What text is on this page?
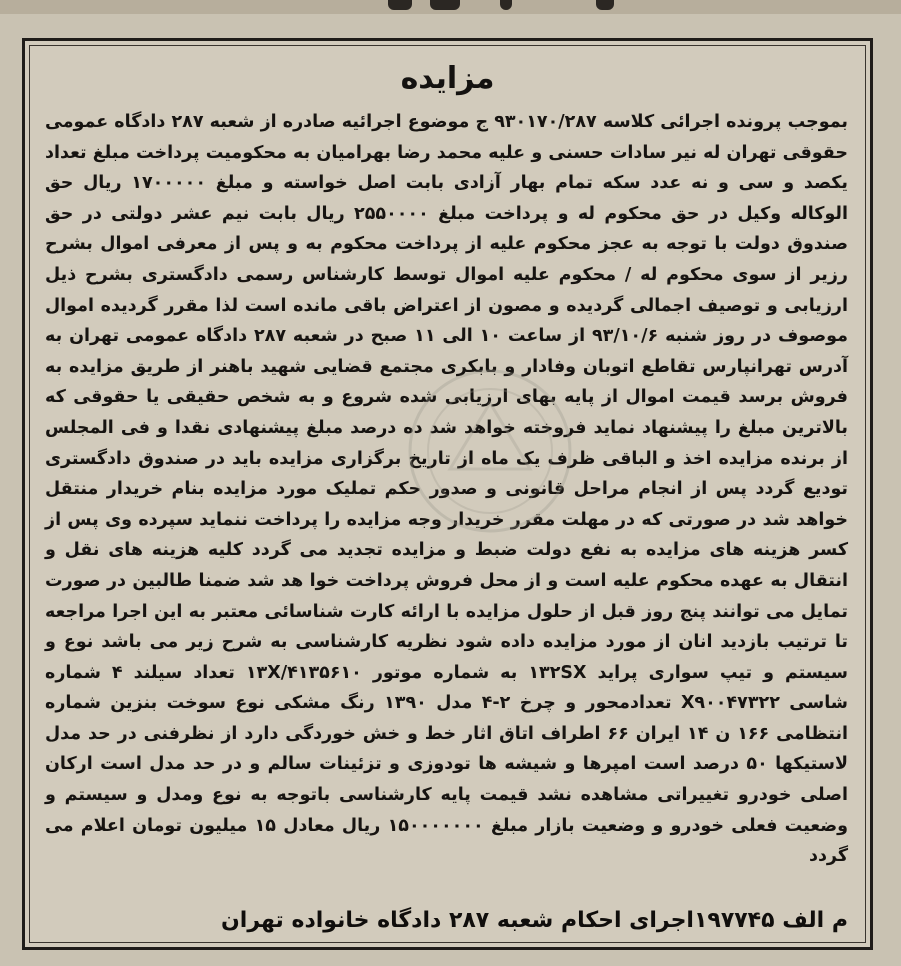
مزایده

بموجب پرونده اجرائی کلاسه ۹۳۰۱۷۰/۲۸۷ ج موضوع اجرائیه صادره از شعبه ۲۸۷ دادگاه عمومی حقوقی تهران له نیر سادات حسنی و علیه محمد رضا بهرامیان به محکومیت پرداخت مبلغ تعداد یکصد و سی و نه عدد سکه تمام بهار آزادی بابت اصل خواسته و مبلغ ۱۷۰۰۰۰۰ ریال حق الوکاله وکیل در حق محکوم له و پرداخت مبلغ ۲۵۵۰۰۰۰ ریال بابت نیم عشر دولتی در حق صندوق دولت با توجه به عجز محکوم علیه از پرداخت محکوم به و پس از معرفی اموال بشرح رزیر از سوی محکوم له / محکوم علیه اموال توسط کارشناس رسمی دادگستری بشرح ذیل ارزیابی و توصیف اجمالی گردیده و مصون از اعتراض باقی مانده است لذا مقرر گردیده اموال موصوف در روز شنبه ۹۳/۱۰/۶ از ساعت ۱۰ الی ۱۱ صبح در شعبه ۲۸۷ دادگاه عمومی تهران به آدرس تهرانپارس تقاطع اتوبان وفادار و بابکری مجتمع قضایی شهید باهنر از طریق مزایده به فروش برسد قیمت اموال از پایه بهای ارزیابی شده شروع و به شخص حقیقی یا حقوقی که بالاترین مبلغ را پیشنهاد نماید فروخته خواهد شد ده درصد مبلغ پیشنهادی نقدا و فی المجلس از برنده مزایده اخذ و الباقی ظرف یک ماه از تاریخ برگزاری مزایده باید در صندوق دادگستری تودیع گردد پس از انجام مراحل قانونی و صدور حکم تملیک مورد مزایده بنام خریدار منتقل خواهد شد در صورتی که در مهلت مقرر خریدار وجه مزایده را پرداخت ننماید سپرده وی پس از کسر هزینه های مزایده به نفع دولت ضبط و مزایده تجدید می گردد کلیه هزینه های نقل و انتقال به عهده محکوم علیه است و از محل فروش پرداخت خوا هد شد ضمنا طالبین در صورت تمایل می توانند پنج روز قبل از حلول مزایده با ارائه کارت شناسائی معتبر به این اجرا مراجعه تا ترتیب بازدید انان از مورد مزایده داده شود نظریه کارشناسی به شرح زیر می باشد نوع و سیستم و تیپ سواری پراید ۱۳۲SX به شماره موتور ۱۳X/۴۱۳۵۶۱۰ تعداد سیلند ۴ شماره شاسی X۹۰۰۴۷۳۲۲ تعدادمحور و چرخ ۲-۴ مدل ۱۳۹۰ رنگ مشکی نوع سوخت بنزین شماره انتظامی ۱۶۶ ن ۱۴ ایران ۶۶ اطراف اتاق اثار خط و خش خوردگی دارد از نظرفنی در حد مدل لاستیکها ۵۰ درصد است امپرها و شیشه ها تودوزی و تزئینات سالم و در حد مدل است ارکان اصلی خودرو تغییراتی مشاهده نشد قیمت پایه کارشناسی باتوجه به نوع ومدل و سیستم و وضعیت فعلی خودرو و وضعیت بازار مبلغ ۱۵۰۰۰۰۰۰۰ ریال معادل ۱۵ میلیون تومان اعلام می گردد

م الف ۱۹۷۷۴۵اجرای احکام شعبه ۲۸۷ دادگاه خانواده تهران
